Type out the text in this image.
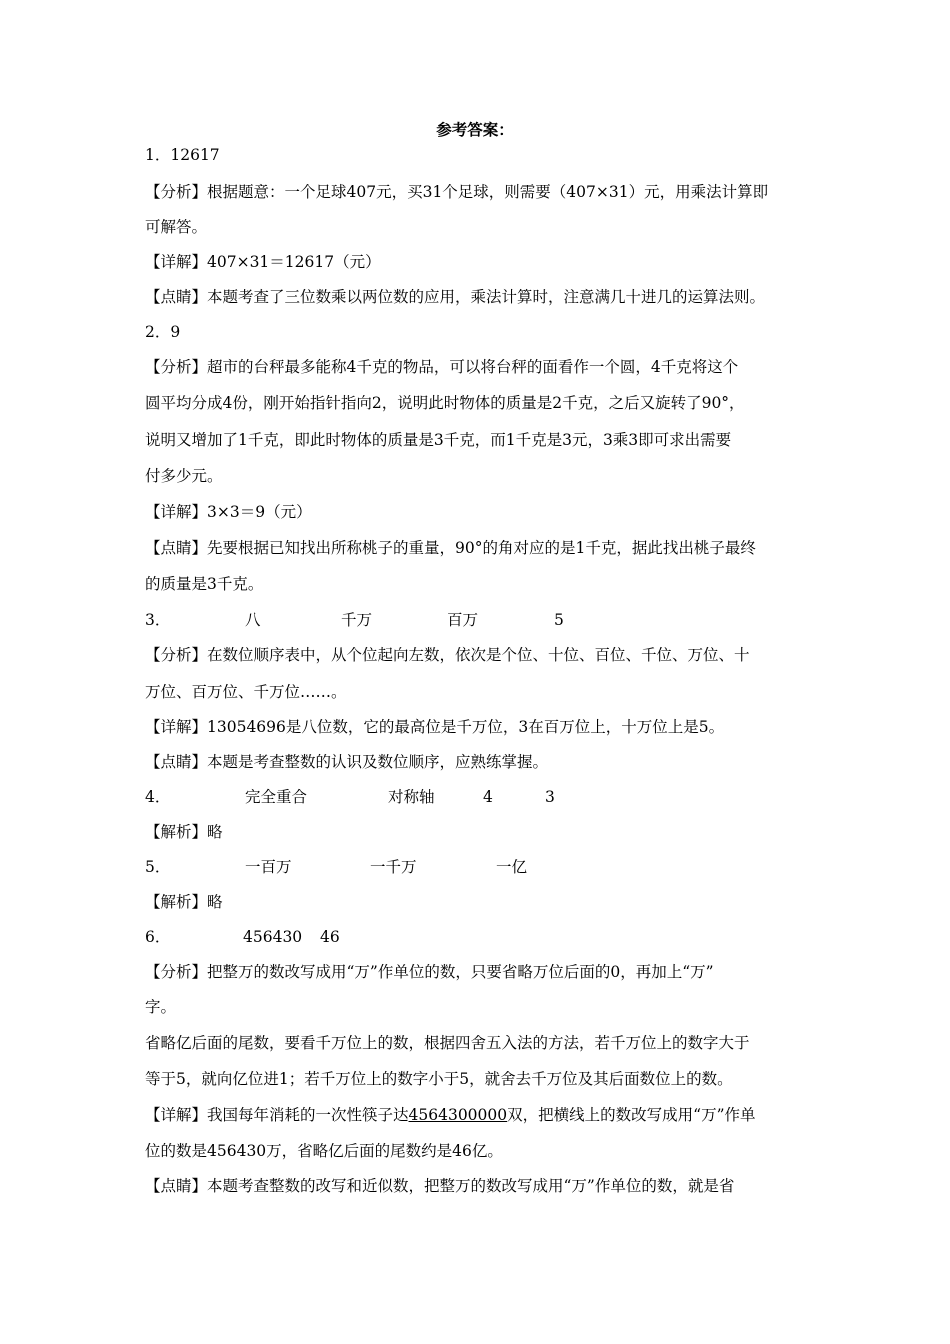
参考答案：
1．12617
【分析】根据题意：一个足球407元，买31个足球，则需要（407×31）元，用乘法计算即
可解答。
【详解】407×31＝12617（元）
【点睛】本题考查了三位数乘以两位数的应用，乘法计算时，注意满几十进几的运算法则。
2．9
【分析】超市的台秤最多能称4千克的物品，可以将台秤的面看作一个圆，4千克将这个
圆平均分成4份，刚开始指针指向2，说明此时物体的质量是2千克，之后又旋转了90°，
说明又增加了1千克，即此时物体的质量是3千克，而1千克是3元，3乘3即可求出需要
付多少元。
【详解】3×3＝9（元）
【点睛】先要根据已知找出所称桃子的重量，90°的角对应的是1千克，据此找出桃子最终
的质量是3千克。
【分析】在数位顺序表中，从个位起向左数，依次是个位、十位、百位、千位、万位、十
万位、百万位、千万位……。
【详解】13054696是八位数，它的最高位是千万位，3在百万位上，十万位上是5。
【点睛】本题是考查整数的认识及数位顺序，应熟练掌握。
【解析】略
【解析】略
【分析】把整万的数改写成用“万”作单位的数，只要省略万位后面的0，再加上“万”
字。
省略亿后面的尾数，要看千万位上的数，根据四舍五入法的方法，若千万位上的数字大于
等于5，就向亿位进1；若千万位上的数字小于5，就舍去千万位及其后面数位上的数。
位的数是456430万，省略亿后面的尾数约是46亿。
【点睛】本题考查整数的改写和近似数，把整万的数改写成用“万”作单位的数，就是省
3．	八	千万	百万	5
4．	完全重合	对称轴	4	3
5．	一百万	一千万	一亿
6．	456430 46
【详解】我国每年消耗的一次性筷子达4564300000双，把横线上的数改写成用“万”作单
